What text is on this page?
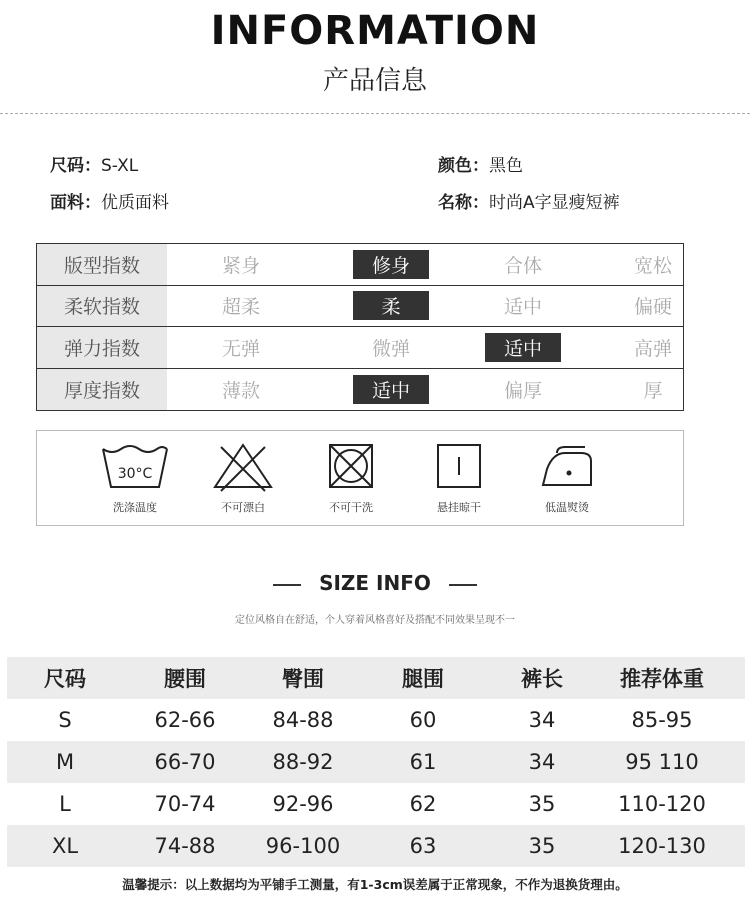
INFORMATION
产品信息
尺码：S-XL	颜色：黑色
面料：优质面料	名称：时尚A字显瘦短裤
版型指数	紧身	修身	合体	宽松
柔软指数	超柔	柔	适中	偏硬
弹力指数	无弹	微弹	适中	高弹
厚度指数	薄款	适中	偏厚	厚
30°C
洗涤温度	不可漂白	不可干洗	悬挂晾干	低温熨烫
SIZE INFO
定位风格自在舒适，个人穿着风格喜好及搭配不同效果呈现不一
尺码	腰围	臀围	腿围	裤长	推荐体重
S	62-66	84-88	60	34	85-95
M	66-70	88-92	61	34	95 110
L	70-74	92-96	62	35	110-120
XL	74-88	96-100	63	35	120-130
温馨提示：以上数据均为平铺手工测量，有1-3cm误差属于正常现象，不作为退换货理由。
